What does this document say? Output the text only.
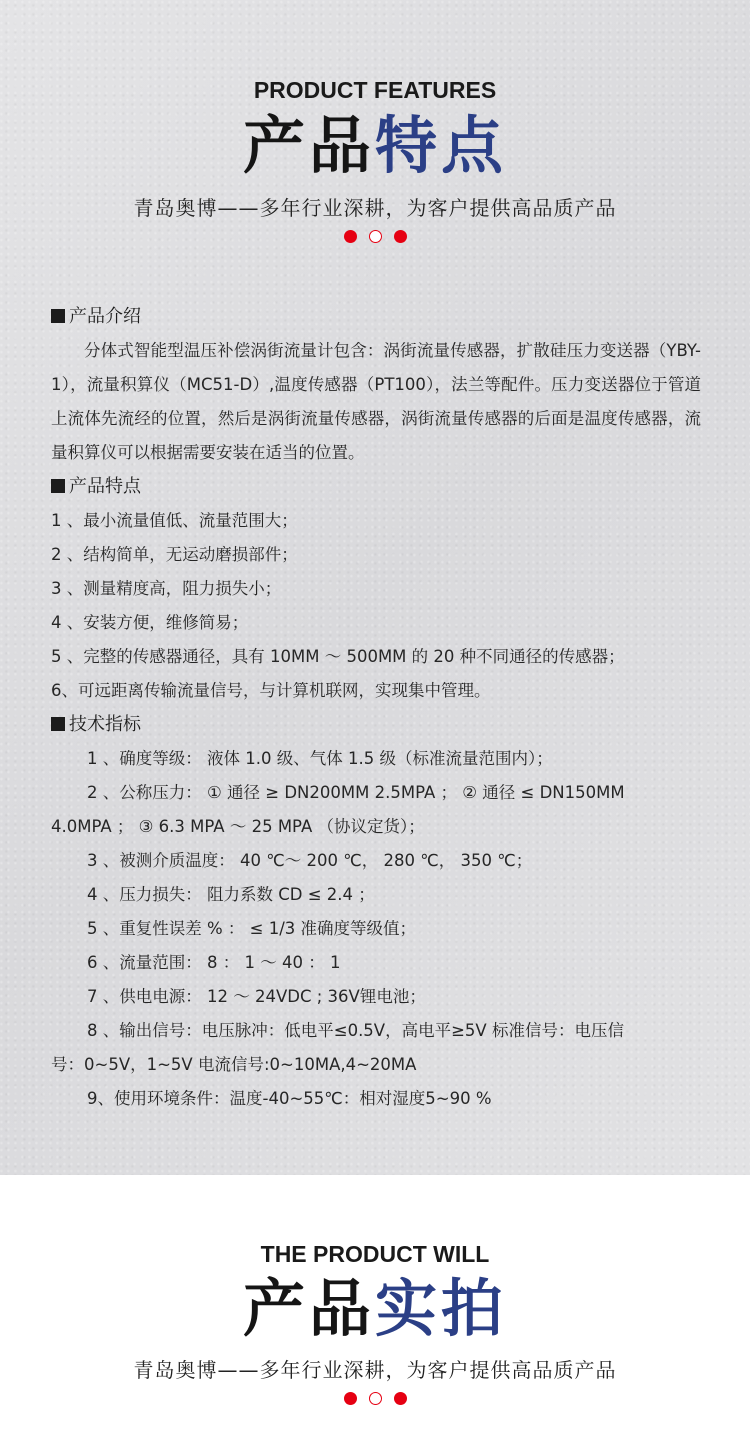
PRODUCT FEATURES
产品特点
青岛奥博——多年行业深耕，为客户提供高品质产品
产品介绍
分体式智能型温压补偿涡街流量计包含：涡街流量传感器，扩散硅压力变送器（YBY-1），流量积算仪（MC51-D）,温度传感器（PT100），法兰等配件。压力变送器位于管道上流体先流经的位置，然后是涡街流量传感器，涡街流量传感器的后面是温度传感器，流量积算仪可以根据需要安装在适当的位置。
产品特点
1 、最小流量值低、流量范围大；
2 、结构简单，无运动磨损部件；
3 、测量精度高，阻力损失小；
4 、安装方便，维修简易；
5 、完整的传感器通径，具有 10MM ～ 500MM 的 20 种不同通径的传感器；
6、可远距离传输流量信号，与计算机联网，实现集中管理。
技术指标
1 、确度等级： 液体 1.0 级、气体 1.5 级（标准流量范围内）；
2 、公称压力： ① 通径 ≥ DN200MM 2.5MPA ； ② 通径 ≤ DN150MM
4.0MPA ； ③ 6.3 MPA ～ 25 MPA （协议定货）；
3 、被测介质温度： 40 ℃～ 200 ℃， 280 ℃， 350 ℃；
4 、压力损失： 阻力系数 CD ≤ 2.4 ；
5 、重复性误差 % ： ≤ 1/3 准确度等级值；
6 、流量范围： 8 ： 1 ～ 40 ： 1
7 、供电电源： 12 ～ 24VDC ; 36V锂电池；
8 、输出信号：电压脉冲：低电平≤0.5V，高电平≥5V 标准信号：电压信
号：0~5V，1~5V 电流信号:0~10MA,4~20MA
9、使用环境条件：温度-40~55℃：相对湿度5~90 %
THE PRODUCT WILL
产品实拍
青岛奥博——多年行业深耕，为客户提供高品质产品
